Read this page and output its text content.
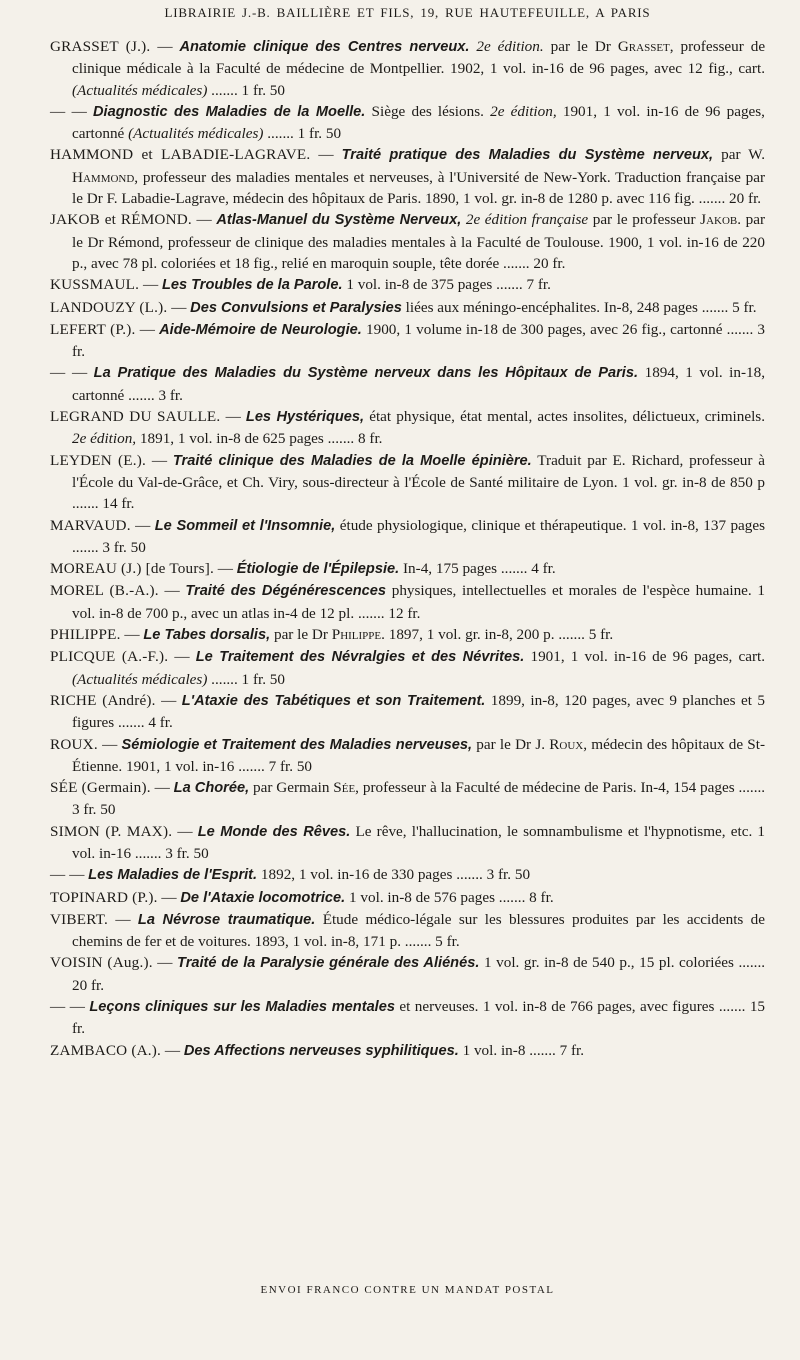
LIBRAIRIE J.-B. BAILLIÈRE ET FILS, 19, RUE HAUTEFEUILLE, A PARIS

GRASSET (J.). — Anatomie clinique des Centres nerveux. 2e édition. par le Dr Grasset, professeur de clinique médicale à la Faculté de médecine de Montpellier. 1902, 1 vol. in-16 de 96 pages, avec 12 fig., cart. (Actualités médicales) ....... 1 fr. 50

— — Diagnostic des Maladies de la Moelle. Siège des lésions. 2e édition, 1901, 1 vol. in-16 de 96 pages, cartonné (Actualités médicales) ....... 1 fr. 50

HAMMOND et LABADIE-LAGRAVE. — Traité pratique des Maladies du Système nerveux, par W. Hammond, professeur des maladies mentales et nerveuses, à l'Université de New-York. Traduction française par le Dr F. Labadie-Lagrave, médecin des hôpitaux de Paris. 1890, 1 vol. gr. in-8 de 1280 p. avec 116 fig. ....... 20 fr.

JAKOB et RÉMOND. — Atlas-Manuel du Système Nerveux, 2e édition française par le professeur Jakob. par le Dr Rémond, professeur de clinique des maladies mentales à la Faculté de Toulouse. 1900, 1 vol. in-16 de 220 p., avec 78 pl. coloriées et 18 fig., relié en maroquin souple, tête dorée ....... 20 fr.

KUSSMAUL. — Les Troubles de la Parole. 1 vol. in-8 de 375 pages ....... 7 fr.

LANDOUZY (L.). — Des Convulsions et Paralysies liées aux méningo-encéphalites. In-8, 248 pages ....... 5 fr.

LEFERT (P.). — Aide-Mémoire de Neurologie. 1900, 1 volume in-18 de 300 pages, avec 26 fig., cartonné ....... 3 fr.

— — La Pratique des Maladies du Système nerveux dans les Hôpitaux de Paris. 1894, 1 vol. in-18, cartonné ....... 3 fr.

LEGRAND DU SAULLE. — Les Hystériques, état physique, état mental, actes insolites, délictueux, criminels. 2e édition, 1891, 1 vol. in-8 de 625 pages ....... 8 fr.

LEYDEN (E.). — Traité clinique des Maladies de la Moelle épinière. Traduit par E. Richard, professeur à l'École du Val-de-Grâce, et Ch. Viry, sous-directeur à l'École de Santé militaire de Lyon. 1 vol. gr. in-8 de 850 p ....... 14 fr.

MARVAUD. — Le Sommeil et l'Insomnie, étude physiologique, clinique et thérapeutique. 1 vol. in-8, 137 pages ....... 3 fr. 50

MOREAU (J.) [de Tours]. — Étiologie de l'Épilepsie. In-4, 175 pages ....... 4 fr.

MOREL (B.-A.). — Traité des Dégénérescences physiques, intellectuelles et morales de l'espèce humaine. 1 vol. in-8 de 700 p., avec un atlas in-4 de 12 pl. ....... 12 fr.

PHILIPPE. — Le Tabes dorsalis, par le Dr Philippe. 1897, 1 vol. gr. in-8, 200 p. ....... 5 fr.

PLICQUE (A.-F.). — Le Traitement des Névralgies et des Névrites. 1901, 1 vol. in-16 de 96 pages, cart. (Actualités médicales) ....... 1 fr. 50

RICHE (André). — L'Ataxie des Tabétiques et son Traitement. 1899, in-8, 120 pages, avec 9 planches et 5 figures ....... 4 fr.

ROUX. — Sémiologie et Traitement des Maladies nerveuses, par le Dr J. Roux, médecin des hôpitaux de St-Étienne. 1901, 1 vol. in-16 ....... 7 fr. 50

SÉE (Germain). — La Chorée, par Germain Sée, professeur à la Faculté de médecine de Paris. In-4, 154 pages ....... 3 fr. 50

SIMON (P. MAX). — Le Monde des Rêves. Le rêve, l'hallucination, le somnambulisme et l'hypnotisme, etc. 1 vol. in-16 ....... 3 fr. 50

— — Les Maladies de l'Esprit. 1892, 1 vol. in-16 de 330 pages ....... 3 fr. 50

TOPINARD (P.). — De l'Ataxie locomotrice. 1 vol. in-8 de 576 pages ....... 8 fr.

VIBERT. — La Névrose traumatique. Étude médico-légale sur les blessures produites par les accidents de chemins de fer et de voitures. 1893, 1 vol. in-8, 171 p. ....... 5 fr.

VOISIN (Aug.). — Traité de la Paralysie générale des Aliénés. 1 vol. gr. in-8 de 540 p., 15 pl. coloriées ....... 20 fr.

— — Leçons cliniques sur les Maladies mentales et nerveuses. 1 vol. in-8 de 766 pages, avec figures ....... 15 fr.

ZAMBACO (A.). — Des Affections nerveuses syphilitiques. 1 vol. in-8 ....... 7 fr.

ENVOI FRANCO CONTRE UN MANDAT POSTAL
